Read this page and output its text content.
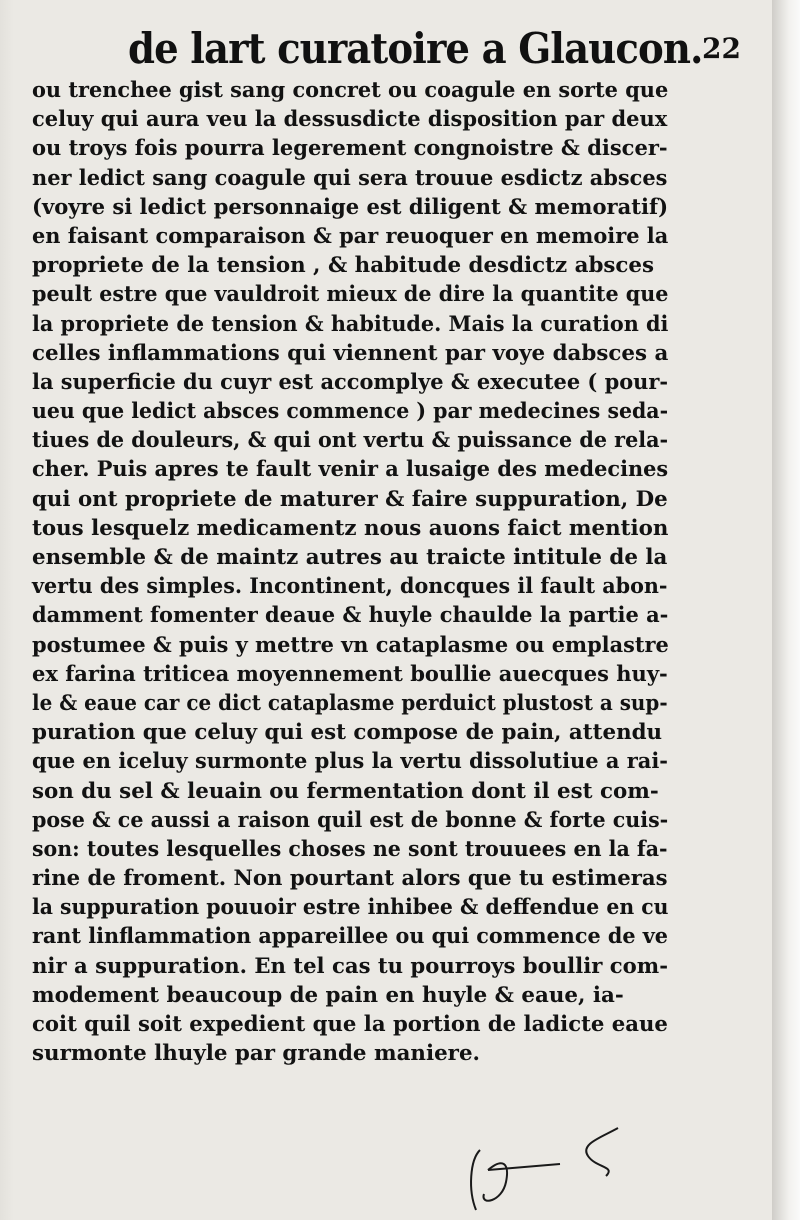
de lart curatoire a Glaucon. 22
ou trenchee gist sang concret ou coagule en sorte que
celuy qui aura veu la dessusdicte disposition par deux
ou troys fois pourra legerement congnoistre & discer-
ner ledict sang coagule qui sera trouue esdictz absces
(voyre si ledict personnaige est diligent & memoratif)
en faisant comparaison & par reuoquer en memoire la
propriete de la tension , & habitude desdictz absces
peult estre que vauldroit mieux de dire la quantite que
la propriete de tension & habitude. Mais la curation di
celles inflammations qui viennent par voye dabsces a
la superficie du cuyr est accomplye & executee ( pour-
ueu que ledict absces commence ) par medecines seda-
tiues de douleurs, & qui ont vertu & puissance de rela-
cher. Puis apres te fault venir a lusaige des medecines
qui ont propriete de maturer & faire suppuration, De
tous lesquelz medicamentz nous auons faict mention
ensemble & de maintz autres au traicte intitule de la
vertu des simples. Incontinent, doncques il fault abon-
damment fomenter deaue & huyle chaulde la partie a-
postumee & puis y mettre vn cataplasme ou emplastre
ex farina triticea moyennement boullie auecques huy-
le & eaue car ce dict cataplasme perduict plustost a sup-
puration que celuy qui est compose de pain, attendu
que en iceluy surmonte plus la vertu dissolutiue a rai-
son du sel & leuain ou fermentation dont il est com-
pose & ce aussi a raison quil est de bonne & forte cuis-
son: toutes lesquelles choses ne sont trouuees en la fa-
rine de froment. Non pourtant alors que tu estimeras
la suppuration pouuoir estre inhibee & deffendue en cu
rant linflammation appareillee ou qui commence de ve
nir a suppuration. En tel cas tu pourroys boullir com-
modement beaucoup de pain en huyle & eaue, ia-
coit quil soit expedient que la portion de ladicte eaue
surmonte lhuyle par grande maniere.
